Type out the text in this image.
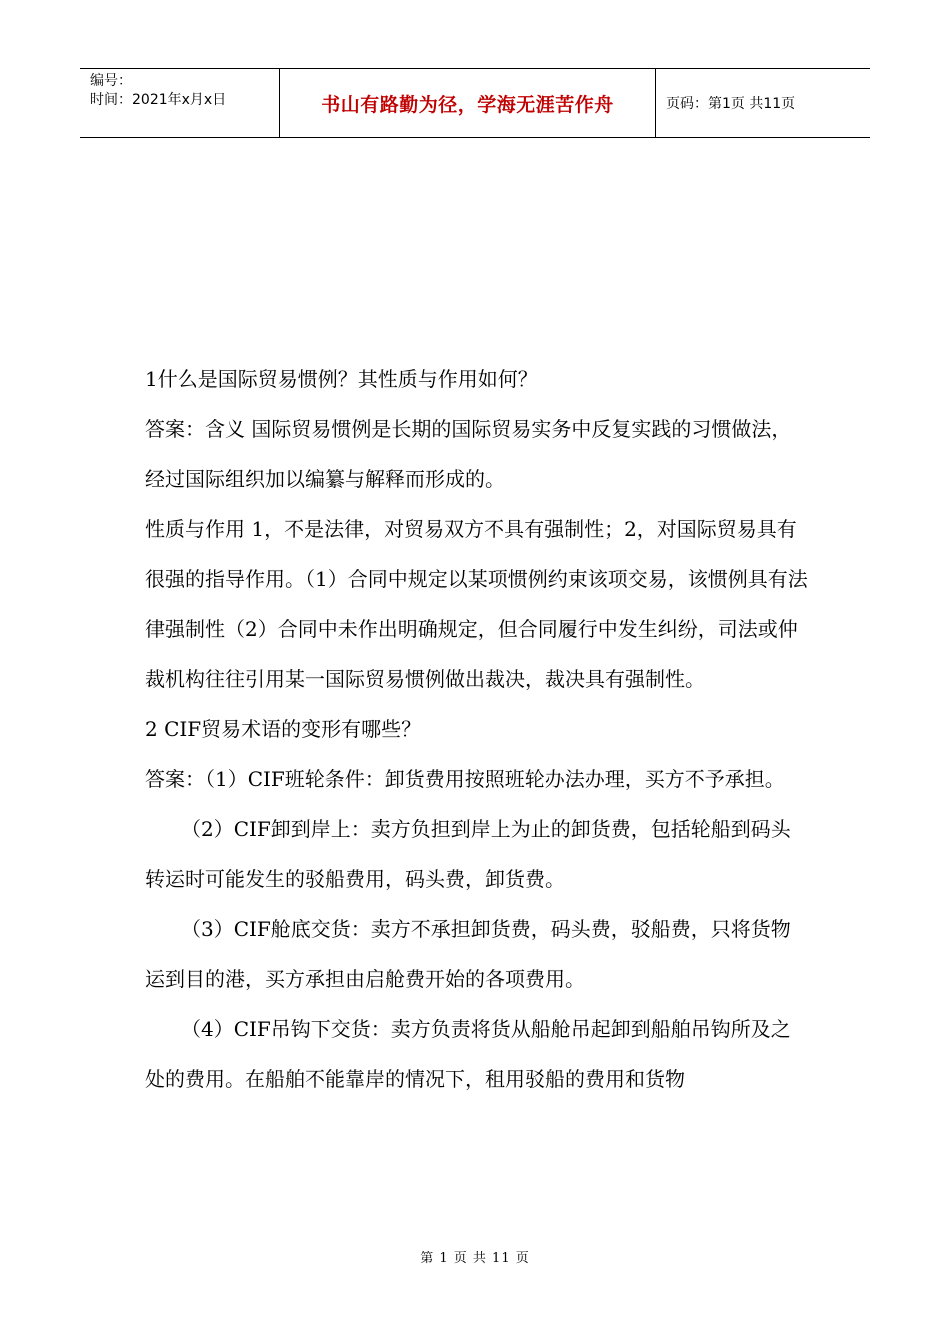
编号：
时间：2021年x月x日	书山有路勤为径，学海无涯苦作舟	页码：第1页 共11页

1什么是国际贸易惯例？其性质与作用如何？

答案：含义 国际贸易惯例是长期的国际贸易实务中反复实践的习惯做法，经过国际组织加以编纂与解释而形成的。

性质与作用 1，不是法律，对贸易双方不具有强制性；2，对国际贸易具有很强的指导作用。（1）合同中规定以某项惯例约束该项交易，该惯例具有法律强制性（2）合同中未作出明确规定，但合同履行中发生纠纷，司法或仲裁机构往往引用某一国际贸易惯例做出裁决，裁决具有强制性。

2 CIF贸易术语的变形有哪些？

答案：（1）CIF班轮条件：卸货费用按照班轮办法办理，买方不予承担。

（2）CIF卸到岸上：卖方负担到岸上为止的卸货费，包括轮船到码头转运时可能发生的驳船费用，码头费，卸货费。

（3）CIF舱底交货：卖方不承担卸货费，码头费，驳船费，只将货物运到目的港，买方承担由启舱费开始的各项费用。

（4）CIF吊钩下交货：卖方负责将货从船舱吊起卸到船舶吊钩所及之处的费用。在船舶不能靠岸的情况下，租用驳船的费用和货物

第 1 页 共 11 页
